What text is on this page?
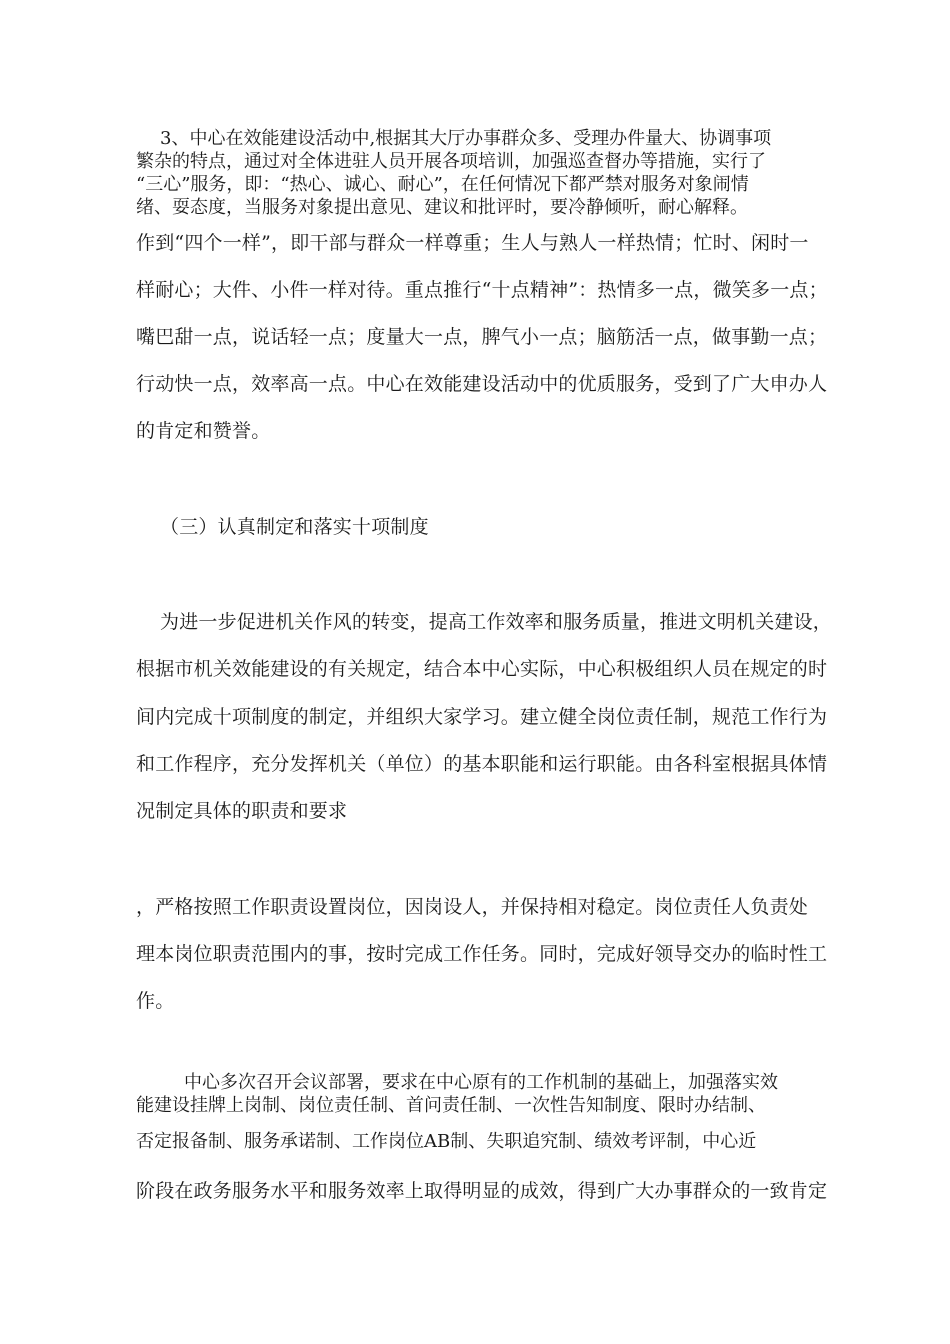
3、中心在效能建设活动中,根据其大厅办事群众多、受理办件量大、协调事项
繁杂的特点，通过对全体进驻人员开展各项培训，加强巡查督办等措施，实行了
“三心”服务，即：“热心、诚心、耐心”，在任何情况下都严禁对服务对象闹情
绪、耍态度，当服务对象提出意见、建议和批评时，要冷静倾听，耐心解释。
作到“四个一样”，即干部与群众一样尊重；生人与熟人一样热情；忙时、闲时一
样耐心；大件、小件一样对待。重点推行“十点精神”：热情多一点，微笑多一点；
嘴巴甜一点，说话轻一点；度量大一点，脾气小一点；脑筋活一点，做事勤一点；
行动快一点，效率高一点。中心在效能建设活动中的优质服务，受到了广大申办人
的肯定和赞誉。
（三）认真制定和落实十项制度
为进一步促进机关作风的转变，提高工作效率和服务质量，推进文明机关建设，
根据市机关效能建设的有关规定，结合本中心实际，中心积极组织人员在规定的时
间内完成十项制度的制定，并组织大家学习。建立健全岗位责任制，规范工作行为
和工作程序，充分发挥机关（单位）的基本职能和运行职能。由各科室根据具体情
况制定具体的职责和要求
，严格按照工作职责设置岗位，因岗设人，并保持相对稳定。岗位责任人负责处
理本岗位职责范围内的事，按时完成工作任务。同时，完成好领导交办的临时性工
作。
中心多次召开会议部署，要求在中心原有的工作机制的基础上，加强落实效
能建设挂牌上岗制、岗位责任制、首问责任制、一次性告知制度、限时办结制、
否定报备制、服务承诺制、工作岗位AB制、失职追究制、绩效考评制，中心近
阶段在政务服务水平和服务效率上取得明显的成效，得到广大办事群众的一致肯定
